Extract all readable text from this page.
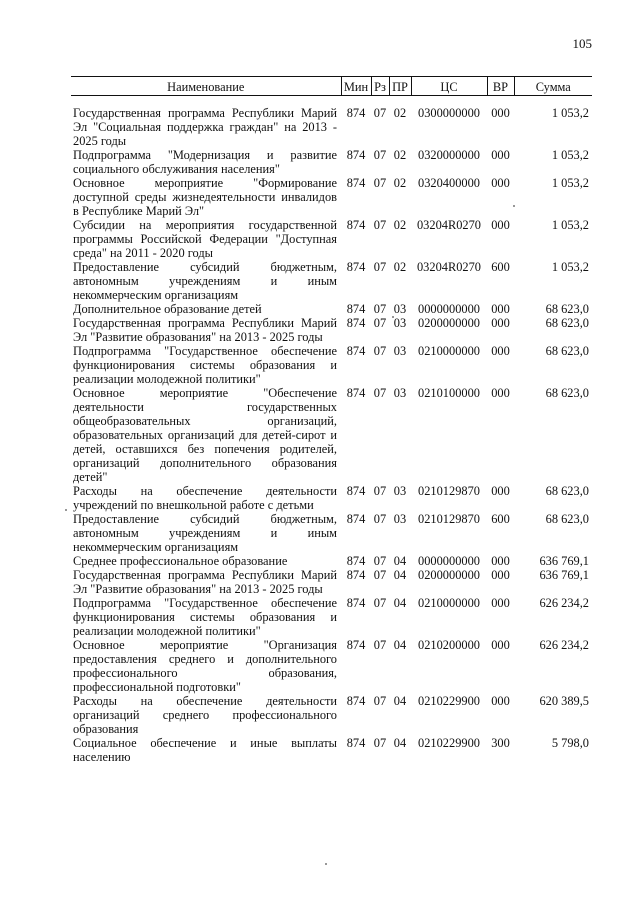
105
Наименование	Мин	Рз	ПР	ЦС	ВР	Сумма
Государственная программа Республики Марий Эл "Социальная поддержка граждан" на 2013 - 2025 годы	874	07	02	0300000000	000	1 053,2
Подпрограмма "Модернизация и развитие социального обслуживания населения"	874	07	02	0320000000	000	1 053,2
Основное мероприятие "Формирование доступной среды жизнедеятельности инвалидов в Республике Марий Эл"	874	07	02	0320400000	000	1 053,2
Субсидии на мероприятия государственной программы Российской Федерации "Доступная среда" на 2011 - 2020 годы	874	07	02	03204R0270	000	1 053,2
Предоставление субсидий бюджетным, автономным учреждениям и иным некоммерческим организациям	874	07	02	03204R0270	600	1 053,2
Дополнительное образование детей	874	07	03	0000000000	000	68 623,0
Государственная программа Республики Марий Эл "Развитие образования" на 2013 - 2025 годы	874	07	03	0200000000	000	68 623,0
Подпрограмма "Государственное обеспечение функционирования системы образования и реализации молодежной политики"	874	07	03	0210000000	000	68 623,0
Основное мероприятие "Обеспечение деятельности государственных общеобразовательных организаций, образовательных организаций для детей-сирот и детей, оставшихся без попечения родителей, организаций дополнительного образования детей"	874	07	03	0210100000	000	68 623,0
Расходы на обеспечение деятельности учреждений по внешкольной работе с детьми	874	07	03	0210129870	000	68 623,0
Предоставление субсидий бюджетным, автономным учреждениям и иным некоммерческим организациям	874	07	03	0210129870	600	68 623,0
Среднее профессиональное образование	874	07	04	0000000000	000	636 769,1
Государственная программа Республики Марий Эл "Развитие образования" на 2013 - 2025 годы	874	07	04	0200000000	000	636 769,1
Подпрограмма "Государственное обеспечение функционирования системы образования и реализации молодежной политики"	874	07	04	0210000000	000	626 234,2
Основное мероприятие "Организация предоставления среднего и дополнительного профессионального образования, профессиональной подготовки"	874	07	04	0210200000	000	626 234,2
Расходы на обеспечение деятельности организаций среднего профессионального образования	874	07	04	0210229900	000	620 389,5
Социальное обеспечение и иные выплаты населению	874	07	04	0210229900	300	5 798,0
